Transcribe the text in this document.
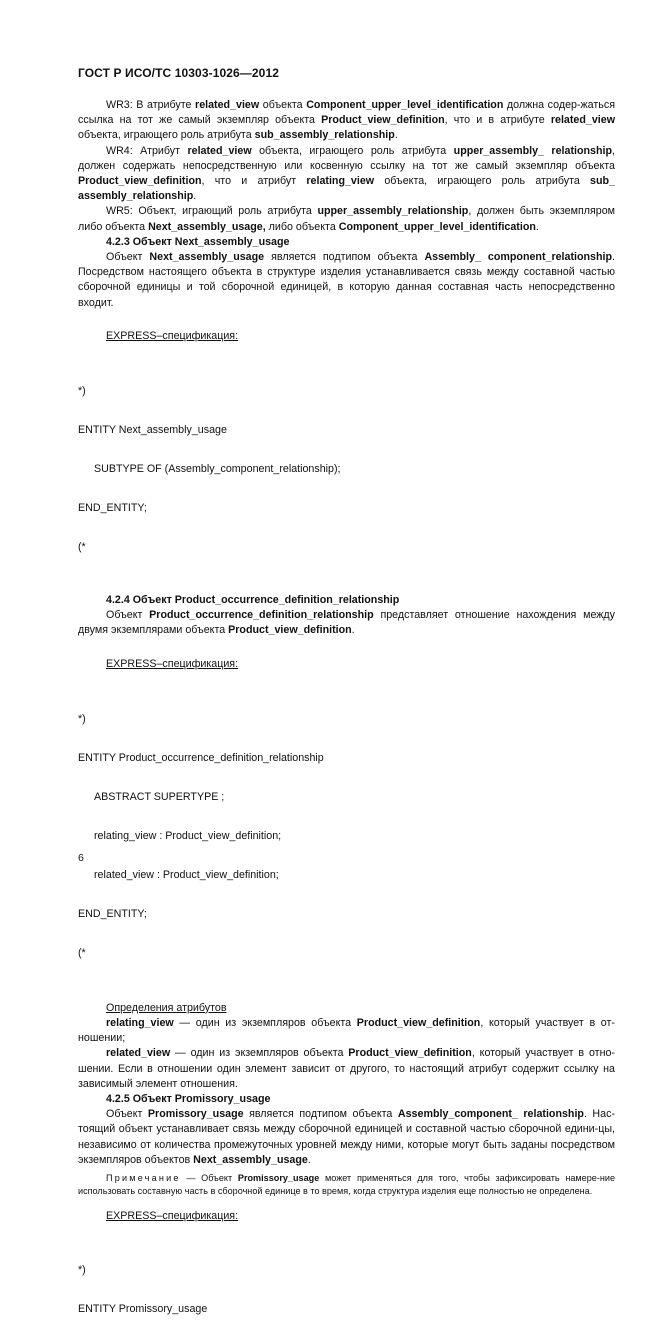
ГОСТ Р ИСО/ТС 10303-1026—2012

WR3: В атрибуте related_view объекта Component_upper_level_identification должна содер-жаться ссылка на тот же самый экземпляр объекта Product_view_definition, что и в атрибуте related_view объекта, играющего роль атрибута sub_assembly_relationship.

WR4: Атрибут related_view объекта, играющего роль атрибута upper_assembly_ relationship, должен содержать непосредственную или косвенную ссылку на тот же самый экземпляр объекта Product_view_definition, что и атрибут relating_view объекта, играющего роль атрибута sub_ assembly_relationship.

WR5: Объект, играющий роль атрибута upper_assembly_relationship, должен быть экземпляром либо объекта Next_assembly_usage, либо объекта Component_upper_level_identification.

4.2.3 Объект Next_assembly_usage

Объект Next_assembly_usage является подтипом объекта Assembly_ component_relationship. Посредством настоящего объекта в структуре изделия устанавливается связь между составной частью сборочной единицы и той сборочной единицей, в которую данная составная часть непосредственно входит.

EXPRESS–спецификация:

*)

ENTITY Next_assembly_usage

SUBTYPE OF (Assembly_component_relationship);

END_ENTITY;

(*

4.2.4 Объект Product_occurrence_definition_relationship

Объект Product_occurrence_definition_relationship представляет отношение нахождения между двумя экземплярами объекта Product_view_definition.

EXPRESS–спецификация:

*)

ENTITY Product_occurrence_definition_relationship

ABSTRACT SUPERTYPE ;

relating_view : Product_view_definition;

related_view : Product_view_definition;

END_ENTITY;

(*

Определения атрибутов

relating_view — один из экземпляров объекта Product_view_definition, который участвует в от-ношении;

related_view — один из экземпляров объекта Product_view_definition, который участвует в отно-шении. Если в отношении один элемент зависит от другого, то настоящий атрибут содержит ссылку на зависимый элемент отношения.

4.2.5 Объект Promissory_usage

Объект Promissory_usage является подтипом объекта Assembly_component_ relationship. Нас-тоящий объект устанавливает связь между сборочной единицей и составной частью сборочной едини-цы, независимо от количества промежуточных уровней между ними, которые могут быть заданы посредством экземпляров объектов Next_assembly_usage.

Примечание — Объект Promissory_usage может применяться для того, чтобы зафиксировать намере-ние использовать составную часть в сборочной единице в то время, когда структура изделия еще полностью не определена.

EXPRESS–спецификация:

*)

ENTITY Promissory_usage

6
